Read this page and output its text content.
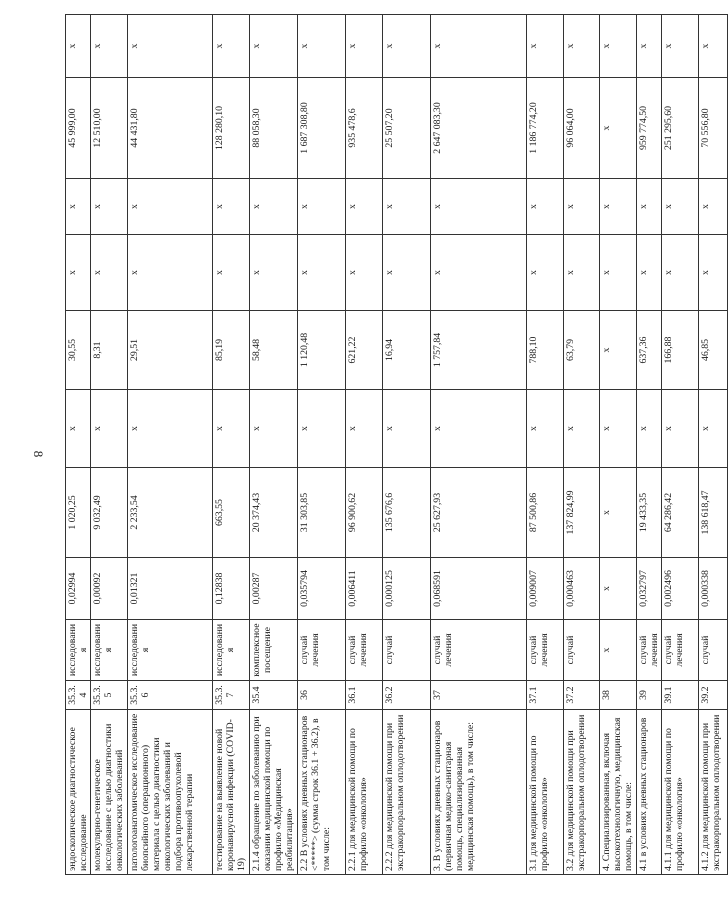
8
эндоскопическое диагностическое исследование	35.3.4	исследования	0,02994	1 020,25	x	30,55	x	x	45 999,00	x
молекулярно-генетическое исследование с целью диагностики онкологических заболеваний	35.3.5	исследования	0,00092	9 032,49	x	8,31	x	x	12 510,00	x
патологоанатомическое исследование биопсийного (операционного) материала с целью диагностики онкологических заболеваний и подбора противоопухолевой лекарственной терапии	35.3.6	исследования	0,01321	2 233,54	x	29,51	x	x	44 431,80	x
тестирование на выявление новой коронавирусной инфекции (COVID-19)	35.3.7	исследования	0,12838	663,55	x	85,19	x	x	128 280,10	x
2.1.4 обращение по заболеванию при оказании медицинской помощи по профилю «Медицинская реабилитация»	35.4	комплексное посещение	0,00287	20 374,43	x	58,48	x	x	88 058,30	x
2.2 В условиях дневных стационаров <*****> (сумма строк 36.1 + 36.2), в том числе:	36	случай лечения	0,035794	31 303,85	x	1 120,48	x	x	1 687 308,80	x
2.2.1 для медицинской помощи по профилю «онкология»	36.1	случай лечения	0,006411	96 900,62	x	621,22	x	x	935 478,6	x
2.2.2 для медицинской помощи при экстракорпоральном оплодотворении	36.2	случай	0,000125	135 676,6	x	16,94	x	x	25 507,20	x
3. В условиях дневных стационаров (первичная медико-санитарная помощь, специализированная медицинская помощь), в том числе:	37	случай лечения	0,068591	25 627,93	x	1 757,84	x	x	2 647 083,30	x
3.1 для медицинской помощи по профилю «онкология»	37.1	случай лечения	0,009007	87 500,86	x	788,10	x	x	1 186 774,20	x
3.2 для медицинской помощи при экстракорпоральном оплодотворении	37.2	случай	0,000463	137 824,99	x	63,79	x	x	96 064,00	x
4. Специализированная, включая высокотехнологичную, медицинская помощь, в том числе:	38	x	x	x	x	x	x	x	x	x
4.1 в условиях дневных стационаров	39	случай лечения	0,032797	19 433,35	x	637,36	x	x	959 774,50	x
4.1.1 для медицинской помощи по профилю «онкология»	39.1	случай лечения	0,002496	64 286,42	x	166,88	x	x	251 295,60	x
4.1.2 для медицинской помощи при экстракорпоральном оплодотворении	39.2	случай	0,000338	138 618,47	x	46,85	x	x	70 556,80	x
